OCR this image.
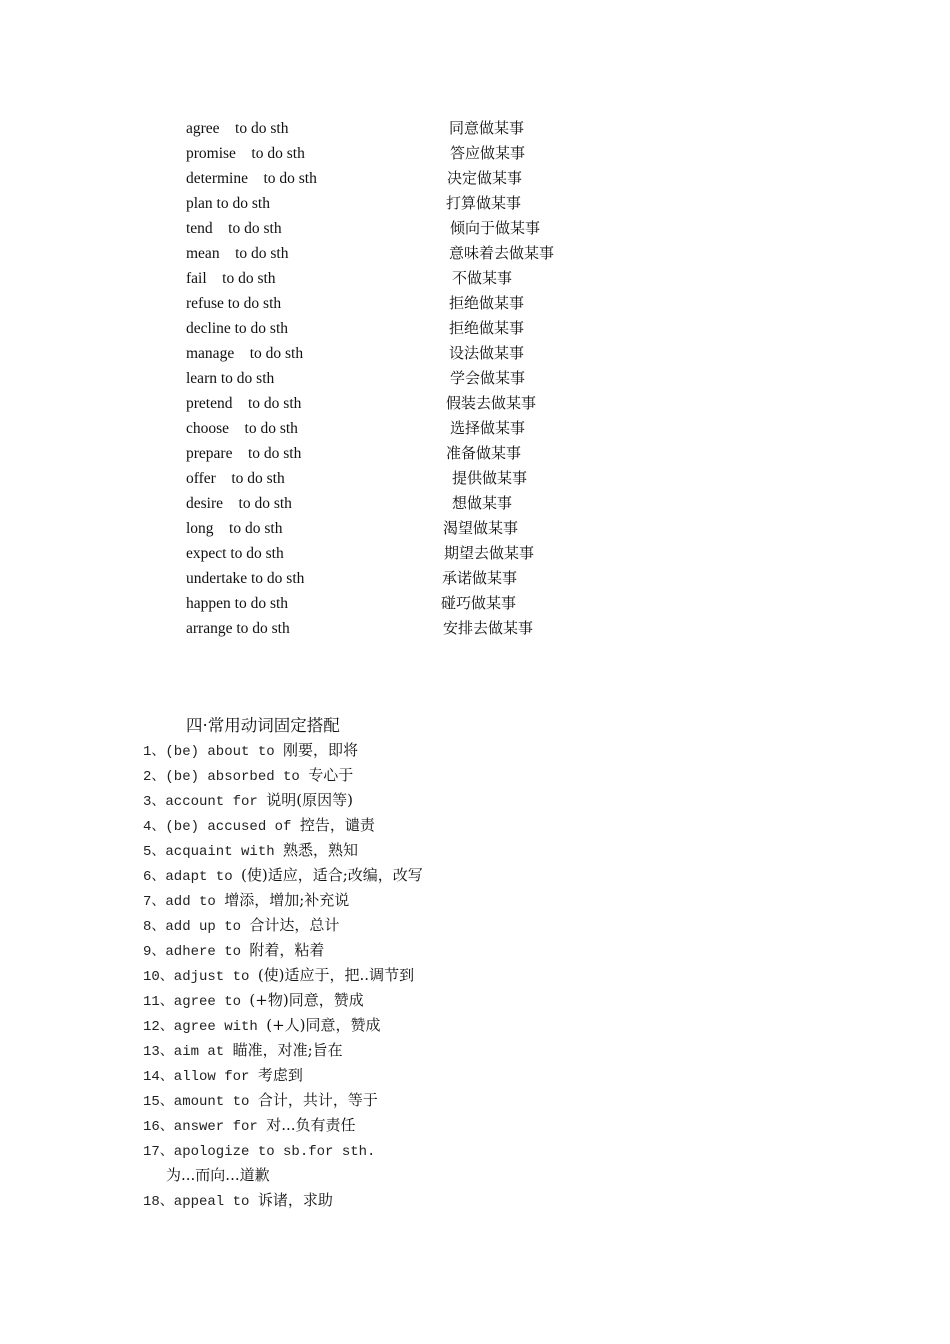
agree    to do sth	同意做某事
promise    to do sth	答应做某事
determine    to do sth	决定做某事
plan to do sth	打算做某事
tend    to do sth	倾向于做某事
mean    to do sth	意味着去做某事
fail    to do sth	不做某事
refuse to do sth	拒绝做某事
decline to do sth	拒绝做某事
manage    to do sth	设法做某事
learn to do sth	学会做某事
pretend    to do sth	假装去做某事
choose    to do sth	选择做某事
prepare    to do sth	准备做某事
offer    to do sth	提供做某事
desire    to do sth	想做某事
long    to do sth	渴望做某事
expect to do sth	期望去做某事
undertake to do sth	承诺做某事
happen to do sth	碰巧做某事
arrange to do sth	安排去做某事
四·常用动词固定搭配
1、(be) about to 刚要，即将
2、(be) absorbed to 专心于
3、account for 说明(原因等)
4、(be) accused of 控告，谴责
5、acquaint with 熟悉，熟知
6、adapt to (使)适应，适合;改编，改写
7、add to 增添，增加;补充说
8、add up to 合计达，总计
9、adhere to 附着，粘着
10、adjust to (使)适应于，把..调节到
11、agree to (+物)同意，赞成
12、agree with (+人)同意，赞成
13、aim at 瞄准，对准;旨在
14、allow for 考虑到
15、amount to 合计，共计，等于
16、answer for 对...负有责任
17、apologize to sb.for sth.
为...而向...道歉
18、appeal to 诉诸，求助
